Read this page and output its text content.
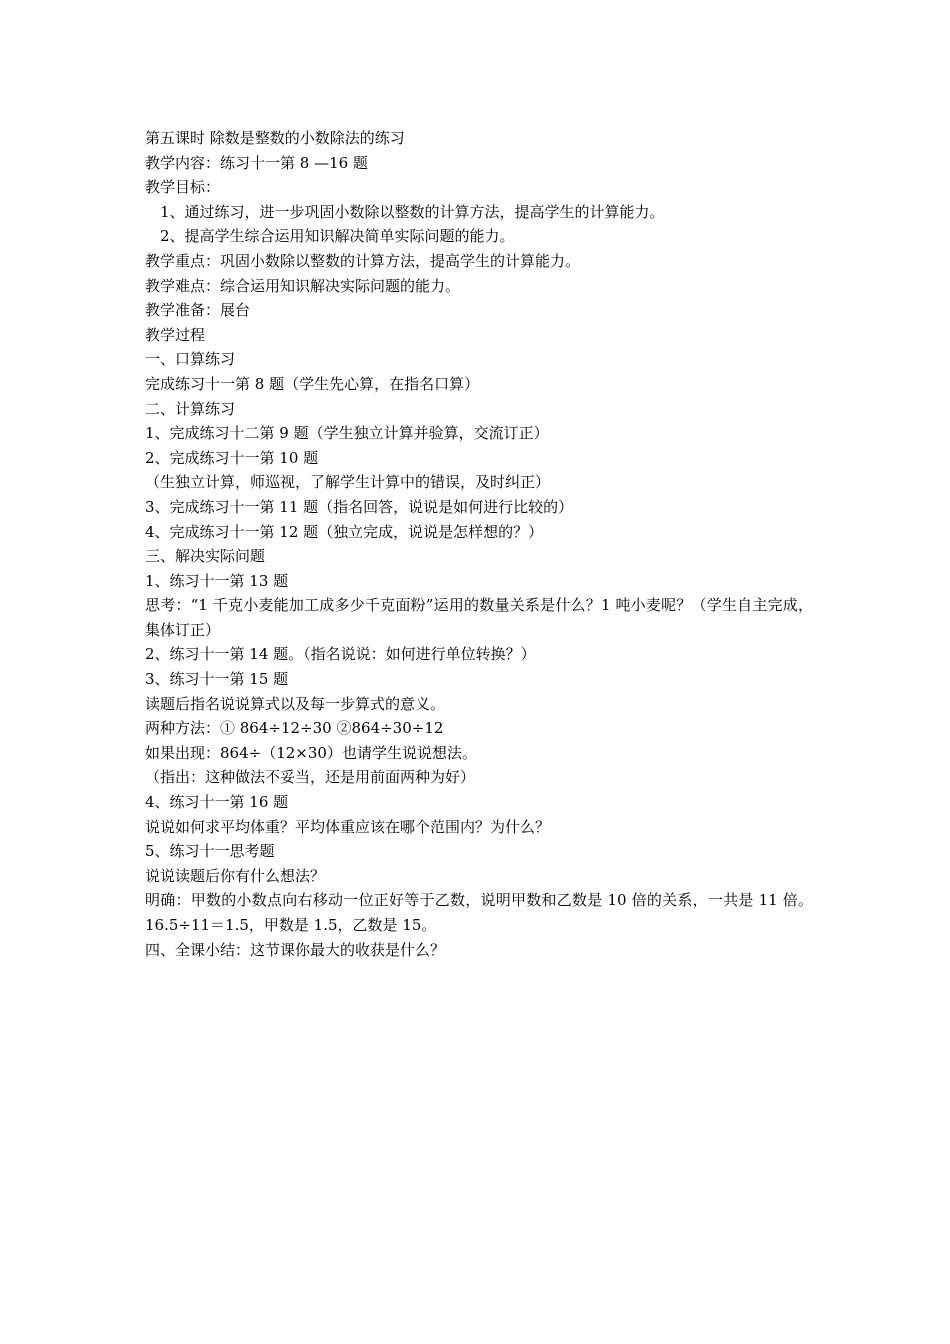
第五课时 除数是整数的小数除法的练习
教学内容：练习十一第 8 —16 题
教学目标：
1、通过练习，进一步巩固小数除以整数的计算方法，提高学生的计算能力。
2、提高学生综合运用知识解决简单实际问题的能力。
教学重点：巩固小数除以整数的计算方法，提高学生的计算能力。
教学难点：综合运用知识解决实际问题的能力。
教学准备：展台
教学过程
一、口算练习
完成练习十一第 8 题（学生先心算，在指名口算）
二、计算练习
1、完成练习十二第 9 题（学生独立计算并验算，交流订正）
2、完成练习十一第 10 题
（生独立计算，师巡视，了解学生计算中的错误，及时纠正）
3、完成练习十一第 11 题（指名回答，说说是如何进行比较的）
4、完成练习十一第 12 题（独立完成，说说是怎样想的？）
三、解决实际问题
1、练习十一第 13 题
思考：“1 千克小麦能加工成多少千克面粉”运用的数量关系是什么？1 吨小麦呢？（学生自主完成，集体订正）
2、练习十一第 14 题。（指名说说：如何进行单位转换？）
3、练习十一第 15 题
读题后指名说说算式以及每一步算式的意义。
两种方法：① 864÷12÷30 ②864÷30÷12
如果出现：864÷（12×30）也请学生说说想法。
（指出：这种做法不妥当，还是用前面两种为好）
4、练习十一第 16 题
说说如何求平均体重？平均体重应该在哪个范围内？为什么？
5、练习十一思考题
说说读题后你有什么想法？
明确：甲数的小数点向右移动一位正好等于乙数，说明甲数和乙数是 10 倍的关系，一共是 11 倍。16.5÷11＝1.5，甲数是 1.5，乙数是 15。
四、全课小结：这节课你最大的收获是什么？
